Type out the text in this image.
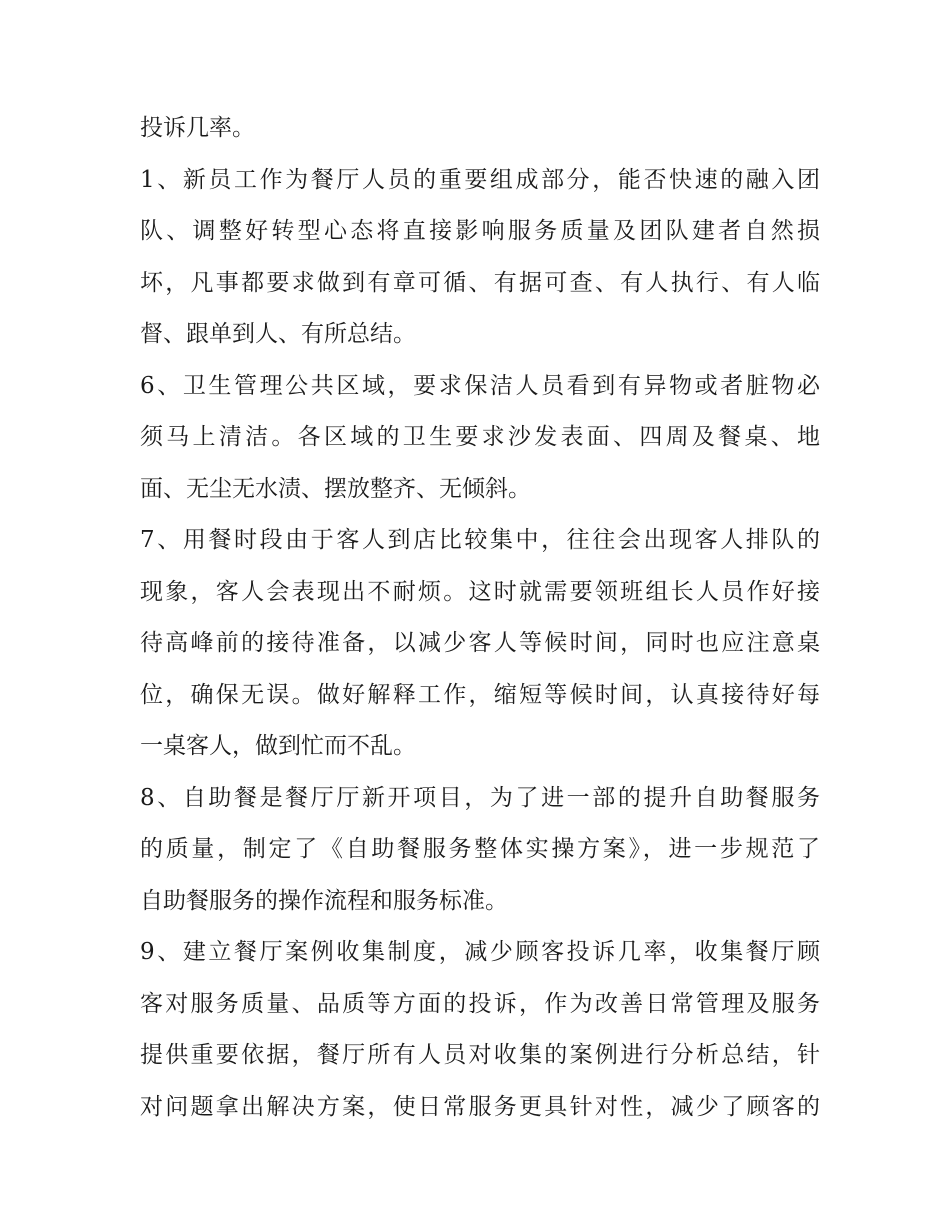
投诉几率。
1、新员工作为餐厅人员的重要组成部分，能否快速的融入团
队、调整好转型心态将直接影响服务质量及团队建者自然损
坏，凡事都要求做到有章可循、有据可查、有人执行、有人临
督、跟单到人、有所总结。
6、卫生管理公共区域，要求保洁人员看到有异物或者脏物必
须马上清洁。各区域的卫生要求沙发表面、四周及餐桌、地
面、无尘无水渍、摆放整齐、无倾斜。
7、用餐时段由于客人到店比较集中，往往会出现客人排队的
现象，客人会表现出不耐烦。这时就需要领班组长人员作好接
待高峰前的接待准备，以减少客人等候时间，同时也应注意桌
位，确保无误。做好解释工作，缩短等候时间，认真接待好每
一桌客人，做到忙而不乱。
8、自助餐是餐厅厅新开项目，为了进一部的提升自助餐服务
的质量，制定了《自助餐服务整体实操方案》，进一步规范了
自助餐服务的操作流程和服务标准。
9、建立餐厅案例收集制度，减少顾客投诉几率，收集餐厅顾
客对服务质量、品质等方面的投诉，作为改善日常管理及服务
提供重要依据，餐厅所有人员对收集的案例进行分析总结，针
对问题拿出解决方案，使日常服务更具针对性，减少了顾客的
